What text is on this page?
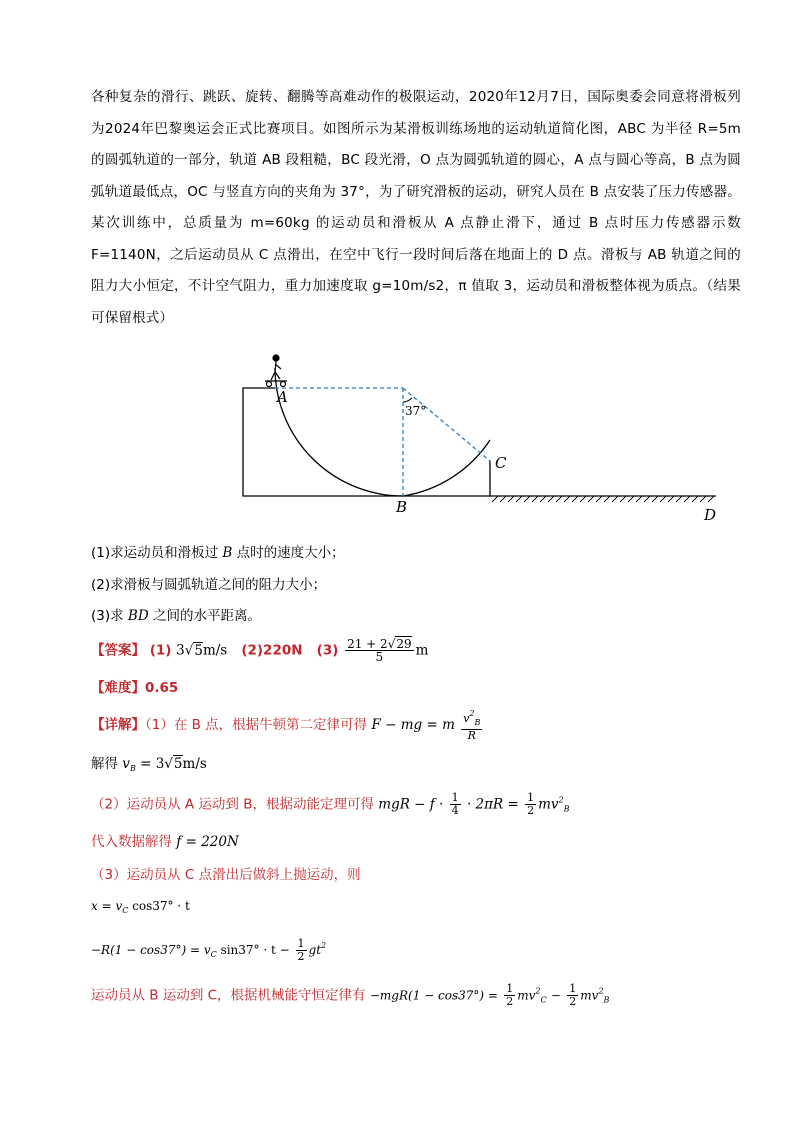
各种复杂的滑行、跳跃、旋转、翻腾等高难动作的极限运动，2020年12月7日，国际奥委会同意将滑板列为2024年巴黎奥运会正式比赛项目。如图所示为某滑板训练场地的运动轨道简化图，ABC 为半径 R=5m 的圆弧轨道的一部分，轨道 AB 段粗糙，BC 段光滑，O 点为圆弧轨道的圆心，A 点与圆心等高，B 点为圆弧轨道最低点，OC 与竖直方向的夹角为 37°，为了研究滑板的运动，研究人员在 B 点安装了压力传感器。某次训练中，总质量为 m=60kg 的运动员和滑板从 A 点静止滑下，通过 B 点时压力传感器示数 F=1140N，之后运动员从 C 点滑出，在空中飞行一段时间后落在地面上的 D 点。滑板与 AB 轨道之间的阻力大小恒定，不计空气阻力，重力加速度取 g=10m/s2，π 值取 3，运动员和滑板整体视为质点。（结果可保留根式）

37°
A
B
C
D
(1)求运动员和滑板过 B 点时的速度大小；
(2)求滑板与圆弧轨道之间的阻力大小；
(3)求 BD 之间的水平距离。
【答案】 (1) 3√5m/s (2)220N $(3) \frac{21 + 2√29}{5}$ m
【难度】0.65
【详解】（1）在 B 点，根据牛顿第二定律可得 F − mg = m $\frac{v^2_B}{R}$
解得 $v_B = 3√5m/s$
（2）运动员从 A 运动到 B，根据动能定理可得 mgR − $f \cdot \frac{1}{4} \cdot 2\pi R = \frac{1}{2} mv^2_B$
代入数据解得 f = 220N
（3）运动员从 C 点滑出后做斜上抛运动，则
$x = v_C$ cos37° · t
$-R(1 - \cos 37^\circ) = v_C$ $\sin 37^\circ \cdot t - \frac{1}{2} gt^2$
运动员从 B 运动到 C，根据机械能守恒定律有 $-mgR(1 - \cos 37^\circ) = \frac{1}{2} mv^2_C - \frac{1}{2} mv^2_B$
